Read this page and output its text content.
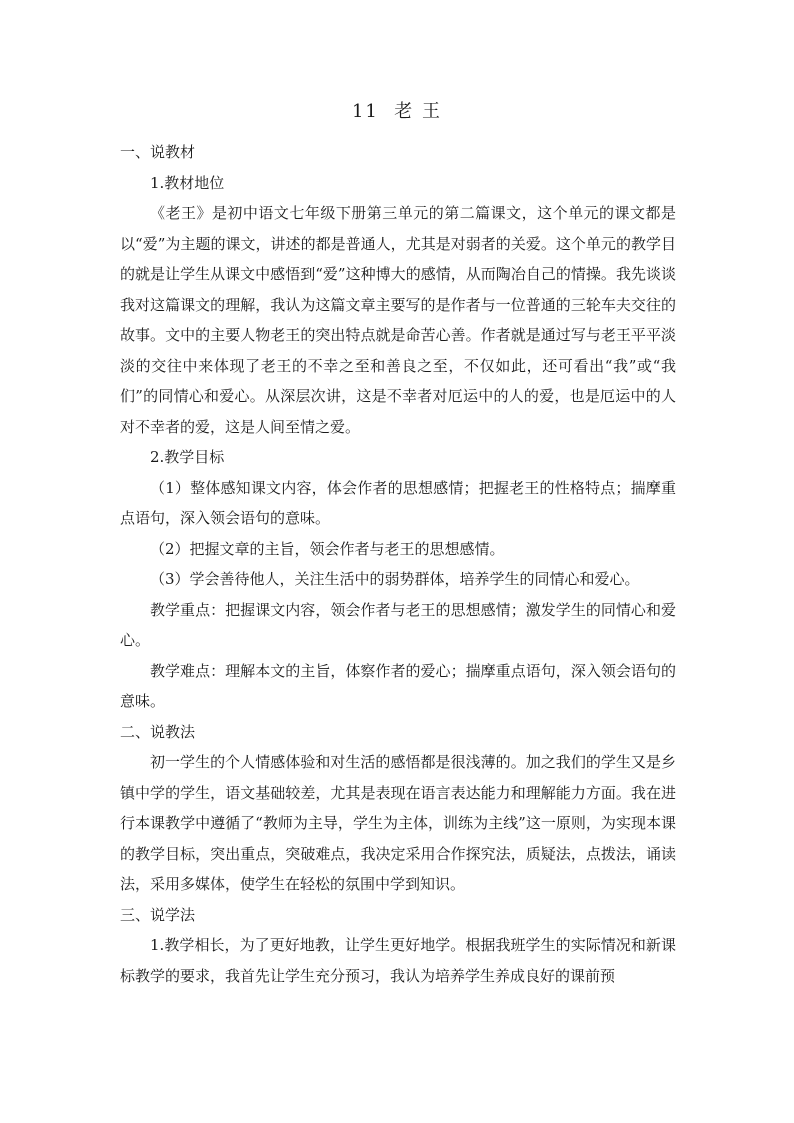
11  老 王

一、说教材

1.教材地位

《老王》是初中语文七年级下册第三单元的第二篇课文，这个单元的课文都是以“爱”为主题的课文，讲述的都是普通人，尤其是对弱者的关爱。这个单元的教学目的就是让学生从课文中感悟到“爱”这种博大的感情，从而陶冶自己的情操。我先谈谈我对这篇课文的理解，我认为这篇文章主要写的是作者与一位普通的三轮车夫交往的故事。文中的主要人物老王的突出特点就是命苦心善。作者就是通过写与老王平平淡淡的交往中来体现了老王的不幸之至和善良之至，不仅如此，还可看出“我”或“我们”的同情心和爱心。从深层次讲，这是不幸者对厄运中的人的爱，也是厄运中的人对不幸者的爱，这是人间至情之爱。

2.教学目标

（1）整体感知课文内容，体会作者的思想感情；把握老王的性格特点；揣摩重点语句，深入领会语句的意味。

（2）把握文章的主旨，领会作者与老王的思想感情。

（3）学会善待他人，关注生活中的弱势群体，培养学生的同情心和爱心。

教学重点：把握课文内容，领会作者与老王的思想感情；激发学生的同情心和爱心。

教学难点：理解本文的主旨，体察作者的爱心；揣摩重点语句，深入领会语句的意味。

二、说教法

初一学生的个人情感体验和对生活的感悟都是很浅薄的。加之我们的学生又是乡镇中学的学生，语文基础较差，尤其是表现在语言表达能力和理解能力方面。我在进行本课教学中遵循了“教师为主导，学生为主体，训练为主线”这一原则，为实现本课的教学目标，突出重点，突破难点，我决定采用合作探究法，质疑法，点拨法，诵读法，采用多媒体，使学生在轻松的氛围中学到知识。

三、说学法

1.教学相长，为了更好地教，让学生更好地学。根据我班学生的实际情况和新课标教学的要求，我首先让学生充分预习，我认为培养学生养成良好的课前预
